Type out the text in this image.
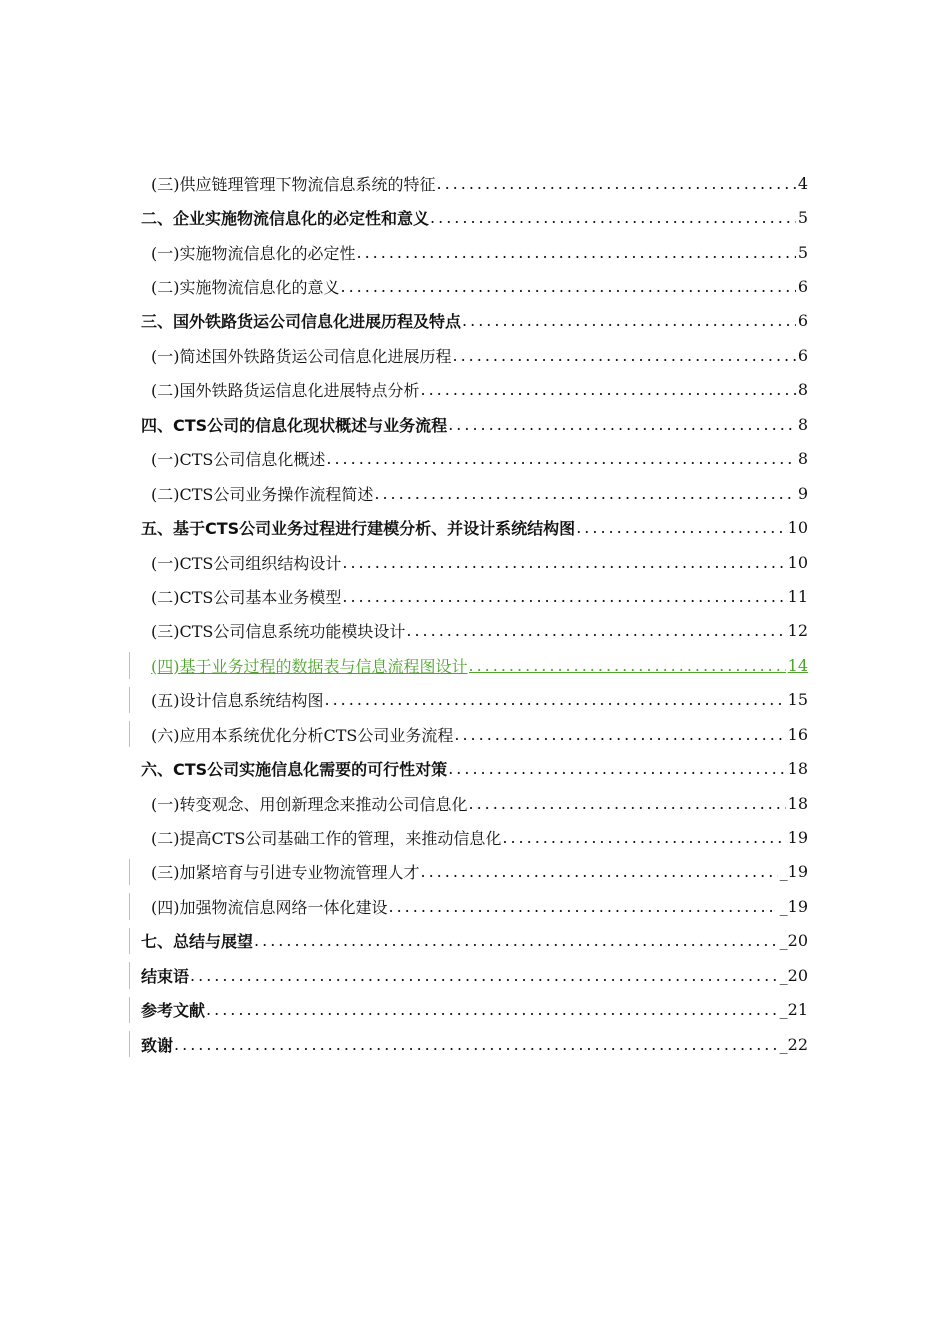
(三)供应链理管理下物流信息系统的特征 .....	4
二、企业实施物流信息化的必定性和意义 .....	5
(一)实施物流信息化的必定性 .....	5
(二)实施物流信息化的意义 .....	6
三、国外铁路货运公司信息化进展历程及特点 .....	6
(一)简述国外铁路货运公司信息化进展历程 .....	6
(二)国外铁路货运信息化进展特点分析 .....	8
四、CTS公司的信息化现状概述与业务流程 .....	8
(一)CTS公司信息化概述 .....	8
(二)CTS公司业务操作流程简述 .....	9
五、基于CTS公司业务过程进行建模分析、并设计系统结构图 .....	10
(一)CTS公司组织结构设计 .....	10
(二)CTS公司基本业务模型 .....	11
(三)CTS公司信息系统功能模块设计 .....	12
(四)基于业务过程的数据表与信息流程图设计 .....	14
(五)设计信息系统结构图 .....	15
(六)应用本系统优化分析CTS公司业务流程 .....	16
六、CTS公司实施信息化需要的可行性对策 .....	18
(一)转变观念、用创新理念来推动公司信息化 .....	18
(二)提高CTS公司基础工作的管理，来推动信息化 .....	19
(三)加紧培育与引进专业物流管理人才 .....	_19
(四)加强物流信息网络一体化建设 .....	_19
七、总结与展望 .....	_20
结束语 .....	_20
参考文献 .....	_21
致谢 .....	_22
